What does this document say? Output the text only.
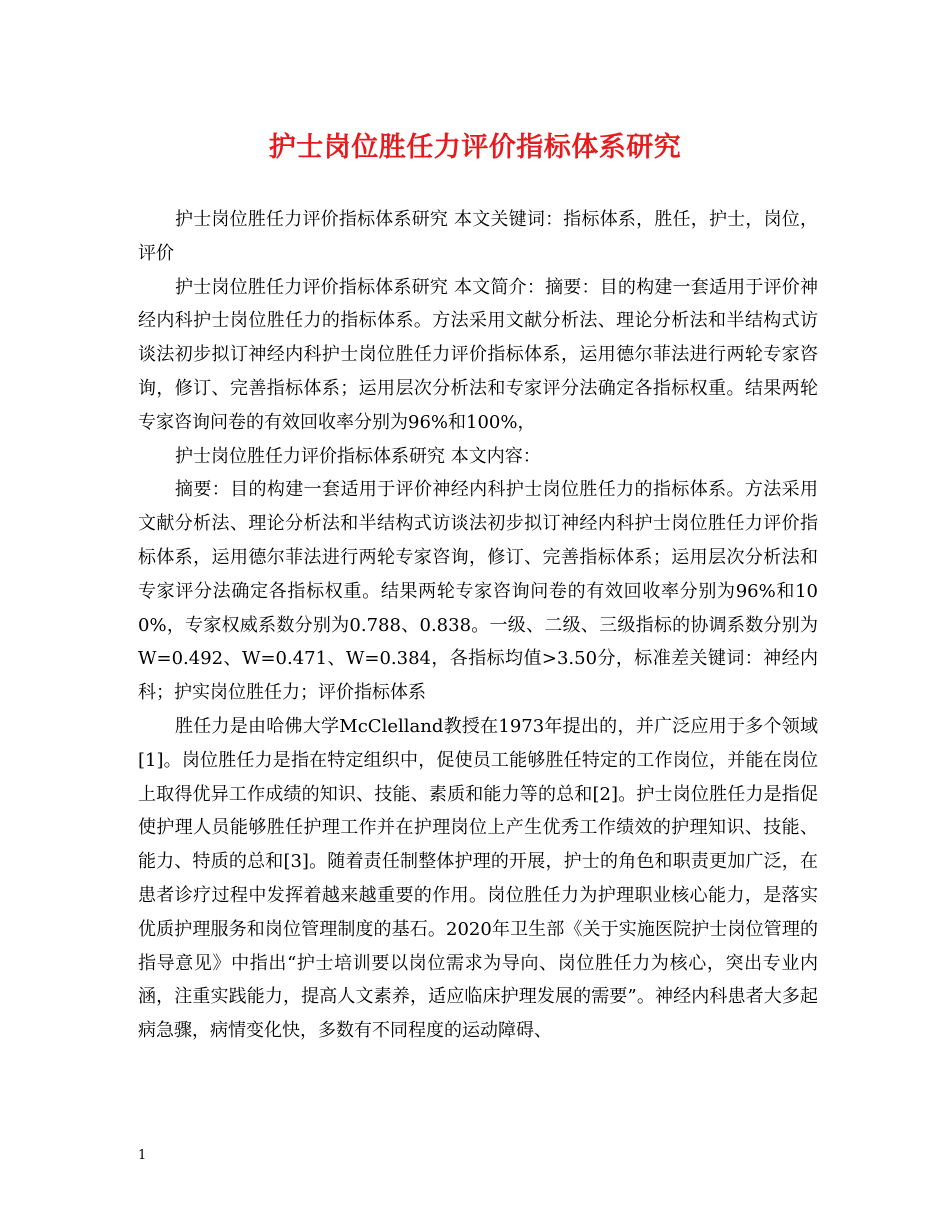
护士岗位胜任力评价指标体系研究

护士岗位胜任力评价指标体系研究 本文关键词：指标体系，胜任，护士，岗位，评价

护士岗位胜任力评价指标体系研究 本文简介：摘要：目的构建一套适用于评价神经内科护士岗位胜任力的指标体系。方法采用文献分析法、理论分析法和半结构式访谈法初步拟订神经内科护士岗位胜任力评价指标体系，运用德尔菲法进行两轮专家咨询，修订、完善指标体系；运用层次分析法和专家评分法确定各指标权重。结果两轮专家咨询问卷的有效回收率分别为96%和100%，

护士岗位胜任力评价指标体系研究 本文内容：

摘要：目的构建一套适用于评价神经内科护士岗位胜任力的指标体系。方法采用文献分析法、理论分析法和半结构式访谈法初步拟订神经内科护士岗位胜任力评价指标体系，运用德尔菲法进行两轮专家咨询，修订、完善指标体系；运用层次分析法和专家评分法确定各指标权重。结果两轮专家咨询问卷的有效回收率分别为96%和100%，专家权威系数分别为0.788、0.838。一级、二级、三级指标的协调系数分别为W=0.492、W=0.471、W=0.384，各指标均值>3.50分，标准差关键词：神经内科；护实岗位胜任力；评价指标体系

胜任力是由哈佛大学McClelland教授在1973年提出的，并广泛应用于多个领域[1]。岗位胜任力是指在特定组织中，促使员工能够胜任特定的工作岗位，并能在岗位上取得优异工作成绩的知识、技能、素质和能力等的总和[2]。护士岗位胜任力是指促使护理人员能够胜任护理工作并在护理岗位上产生优秀工作绩效的护理知识、技能、能力、特质的总和[3]。随着责任制整体护理的开展，护士的角色和职责更加广泛，在患者诊疗过程中发挥着越来越重要的作用。岗位胜任力为护理职业核心能力，是落实优质护理服务和岗位管理制度的基石。2020年卫生部《关于实施医院护士岗位管理的指导意见》中指出“护士培训要以岗位需求为导向、岗位胜任力为核心，突出专业内涵，注重实践能力，提高人文素养，适应临床护理发展的需要”。神经内科患者大多起病急骤，病情变化快，多数有不同程度的运动障碍、

1
